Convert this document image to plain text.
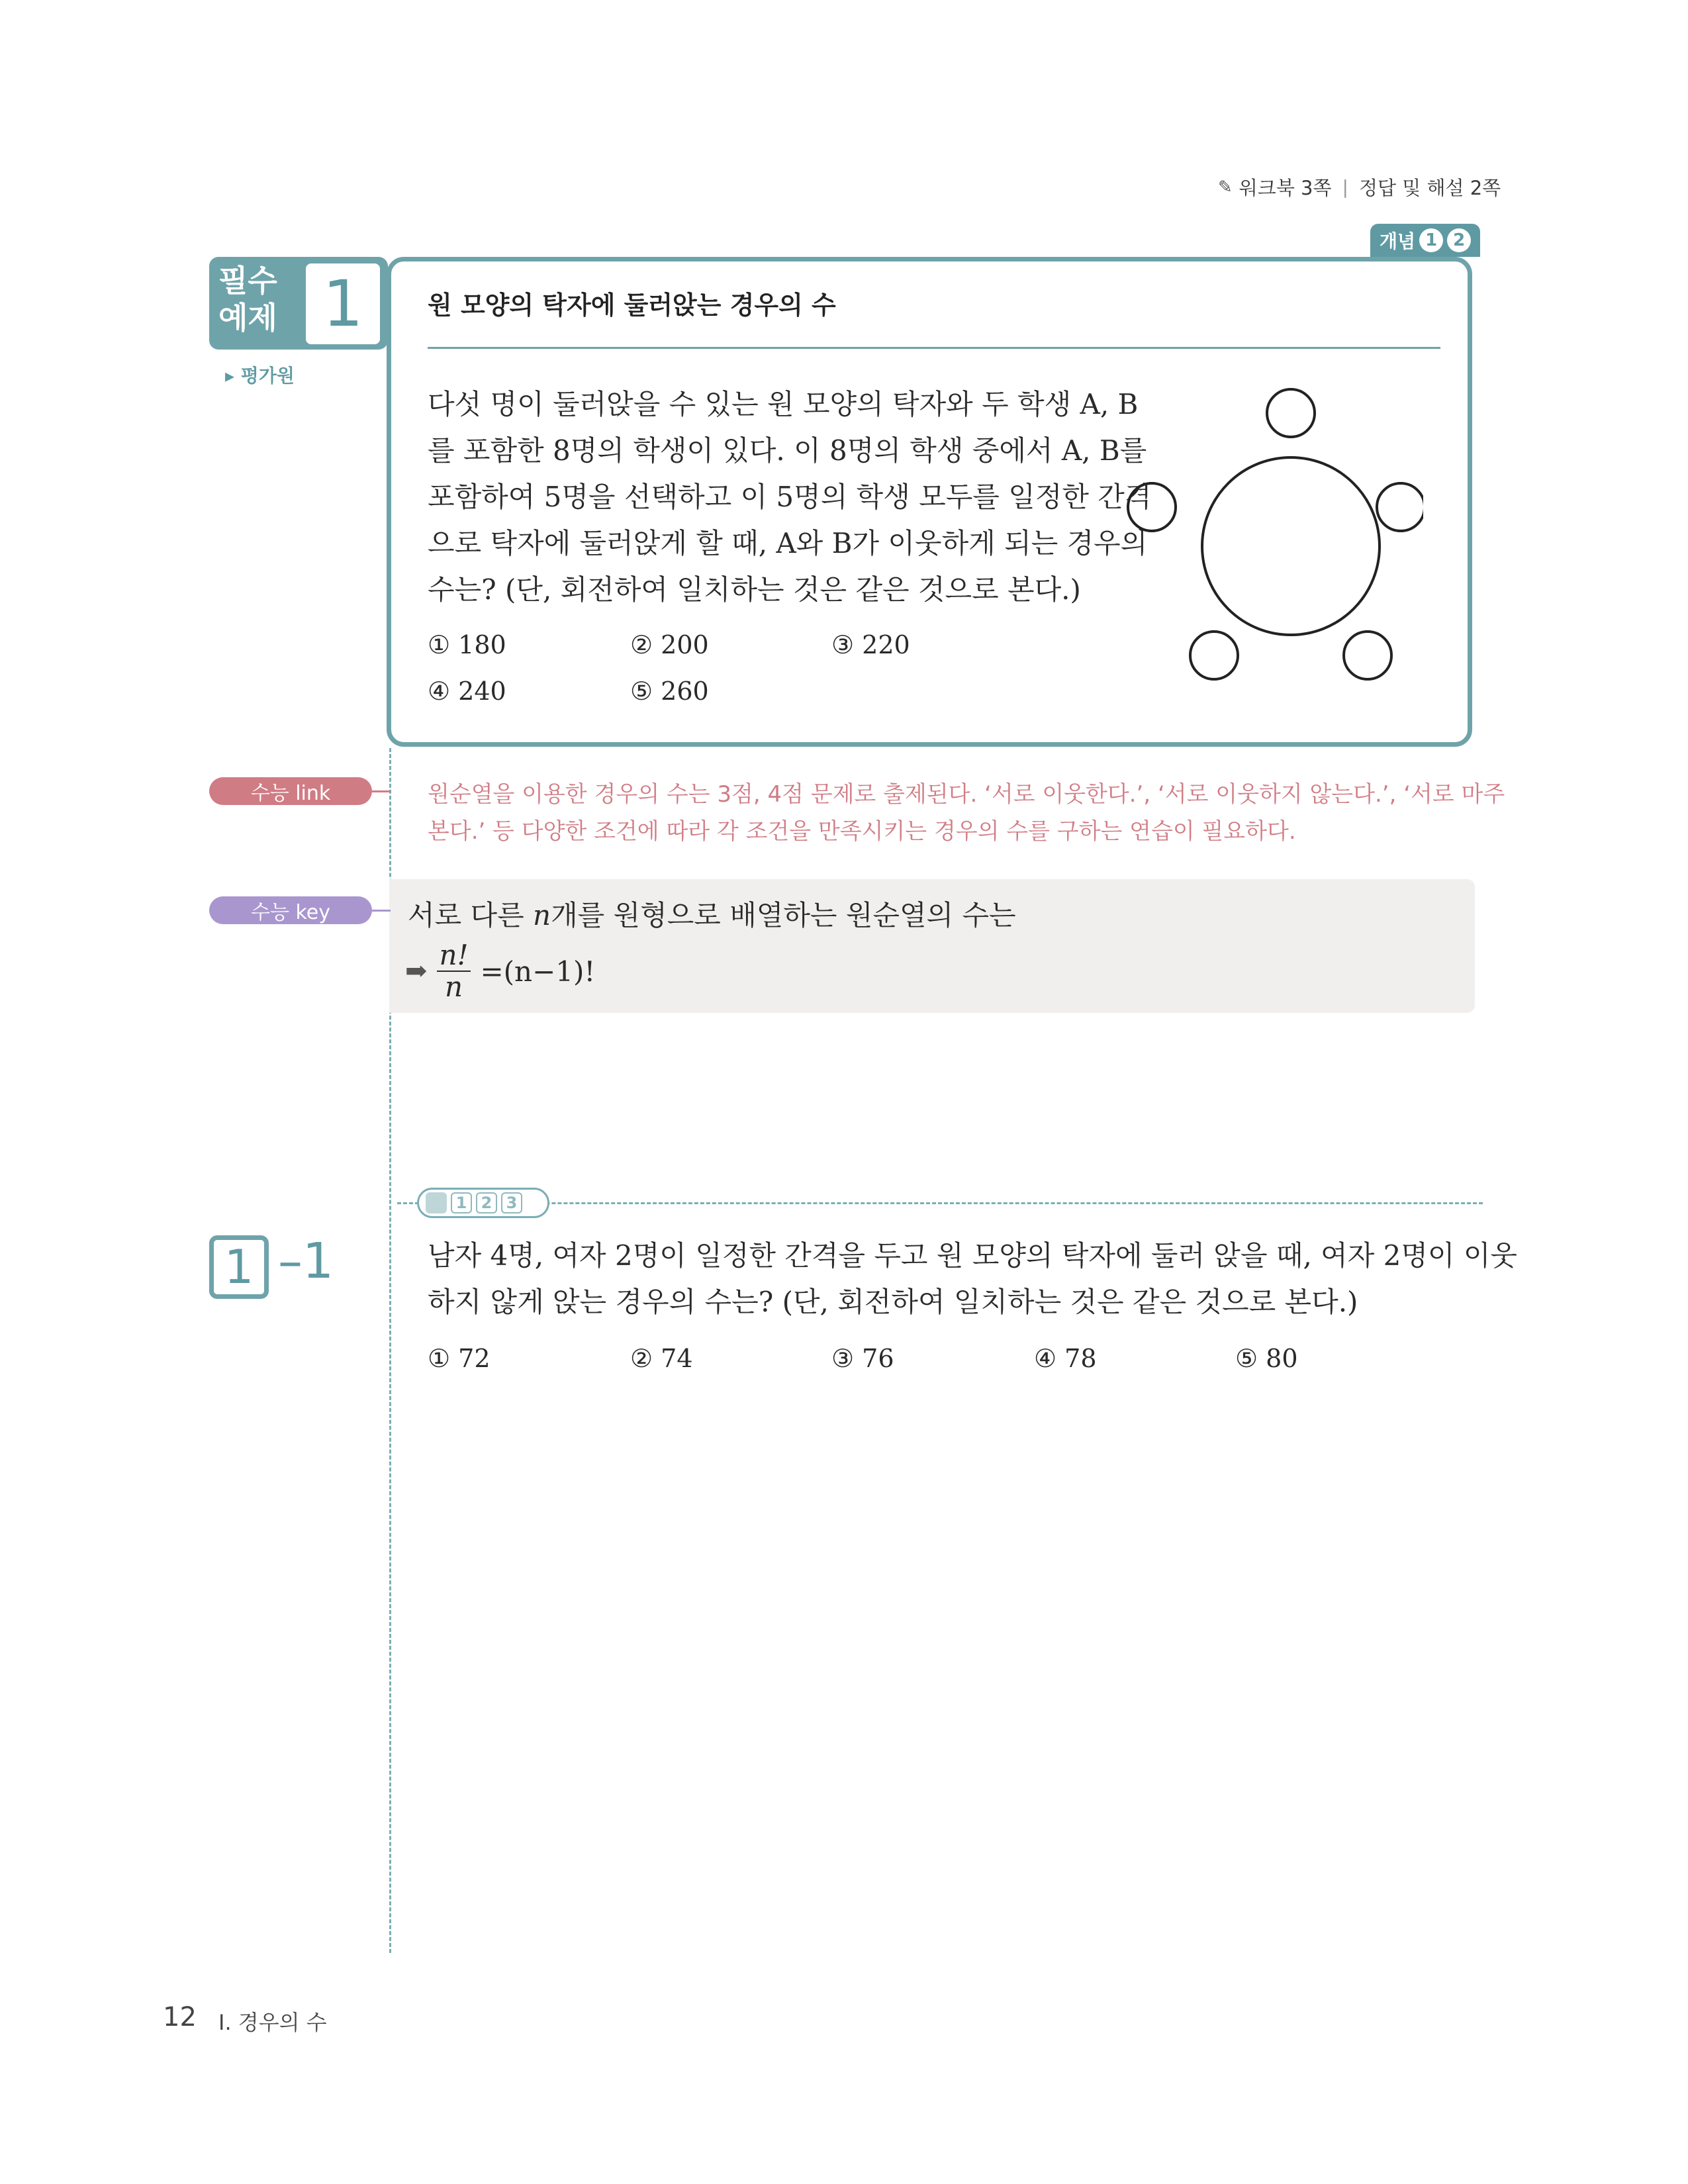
✎ 워크북 3쪽 | 정답 및 해설 2쪽
개념 1 2
필수
예제 1
▸ 평가원
원 모양의 탁자에 둘러앉는 경우의 수
다섯 명이 둘러앉을 수 있는 원 모양의 탁자와 두 학생 A, B
를 포함한 8명의 학생이 있다. 이 8명의 학생 중에서 A, B를
포함하여 5명을 선택하고 이 5명의 학생 모두를 일정한 간격
으로 탁자에 둘러앉게 할 때, A와 B가 이웃하게 되는 경우의
수는? (단, 회전하여 일치하는 것은 같은 것으로 본다.)
① 180	② 200	③ 220
④ 240	⑤ 260
수능 link	원순열을 이용한 경우의 수는 3점, 4점 문제로 출제된다. ‘서로 이웃한다.’, ‘서로 이웃하지 않는다.’, ‘서로 마주
본다.’ 등 다양한 조건에 따라 각 조건을 만족시키는 경우의 수를 구하는 연습이 필요하다.
수능 key	서로 다른 n개를 원형으로 배열하는 원순열의 수는
➡ $\frac{n!}{n} =(n-1)$!
1 2 3
1 –1	남자 4명, 여자 2명이 일정한 간격을 두고 원 모양의 탁자에 둘러 앉을 때, 여자 2명이 이웃
하지 않게 앉는 경우의 수는? (단, 회전하여 일치하는 것은 같은 것으로 본다.)
① 72	② 74	③ 76	④ 78	⑤ 80
12 I. 경우의 수
